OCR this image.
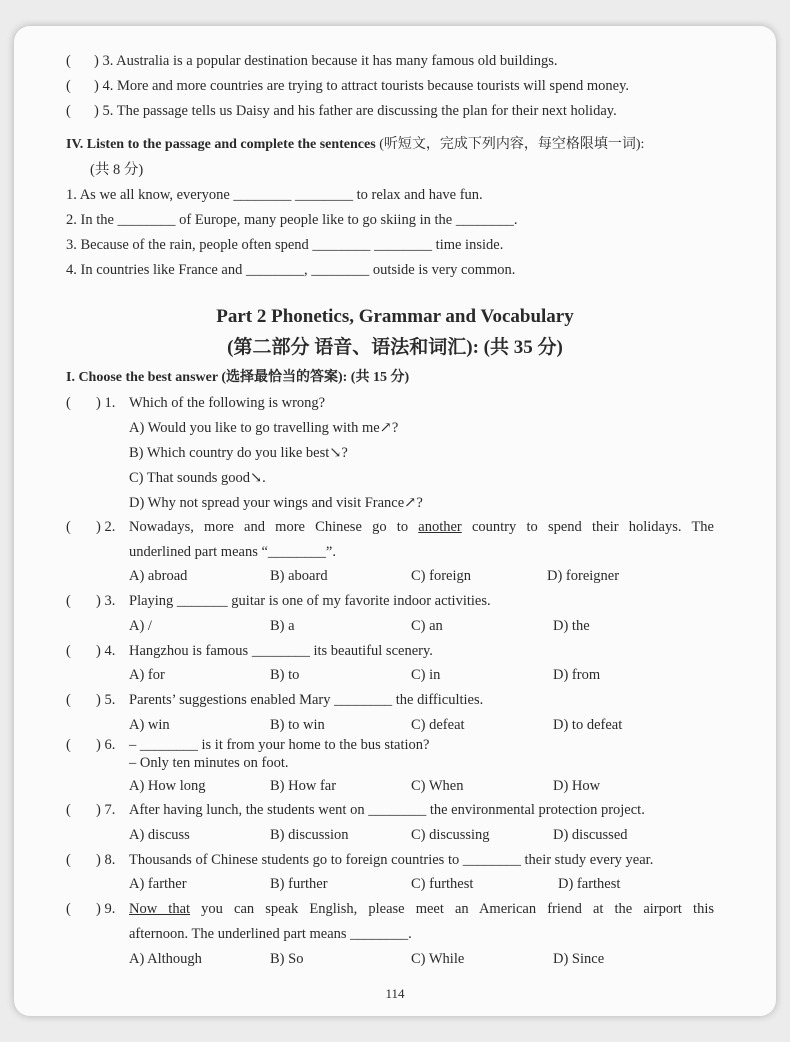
( ) 3. Australia is a popular destination because it has many famous old buildings.
( ) 4. More and more countries are trying to attract tourists because tourists will spend money.
( ) 5. The passage tells us Daisy and his father are discussing the plan for their next holiday.
IV. Listen to the passage and complete the sentences (听短文，完成下列内容，每空格限填一词):
(共 8 分)
1. As we all know, everyone ________ ________ to relax and have fun.
2. In the ________ of Europe, many people like to go skiing in the ________.
3. Because of the rain, people often spend ________ ________ time inside.
4. In countries like France and ________, ________ outside is very common.
Part 2 Phonetics, Grammar and Vocabulary
(第二部分 语音、语法和词汇): (共 35 分)
I. Choose the best answer (选择最恰当的答案): (共 15 分)
( ) 1. Which of the following is wrong?
A) Would you like to go travelling with me↗?
B) Which country do you like best↘?
C) That sounds good↘.
D) Why not spread your wings and visit France↗?
( ) 2. Nowadays, more and more Chinese go to another country to spend their holidays. The
underlined part means “________”.
A) abroad	B) aboard	C) foreign	D) foreigner
( ) 3. Playing _______ guitar is one of my favorite indoor activities.
A) /	B) a	C) an	D) the
( ) 4. Hangzhou is famous ________ its beautiful scenery.
A) for	B) to	C) in	D) from
( ) 5. Parents’ suggestions enabled Mary ________ the difficulties.
A) win	B) to win	C) defeat	D) to defeat
( ) 6. – ________ is it from your home to the bus station?
– Only ten minutes on foot.
A) How long	B) How far	C) When	D) How
( ) 7. After having lunch, the students went on ________ the environmental protection project.
A) discuss	B) discussion	C) discussing	D) discussed
( ) 8. Thousands of Chinese students go to foreign countries to ________ their study every year.
A) farther	B) further	C) furthest	D) farthest
( ) 9. Now that you can speak English, please meet an American friend at the airport this
afternoon. The underlined part means ________.
A) Although	B) So	C) While	D) Since
114
